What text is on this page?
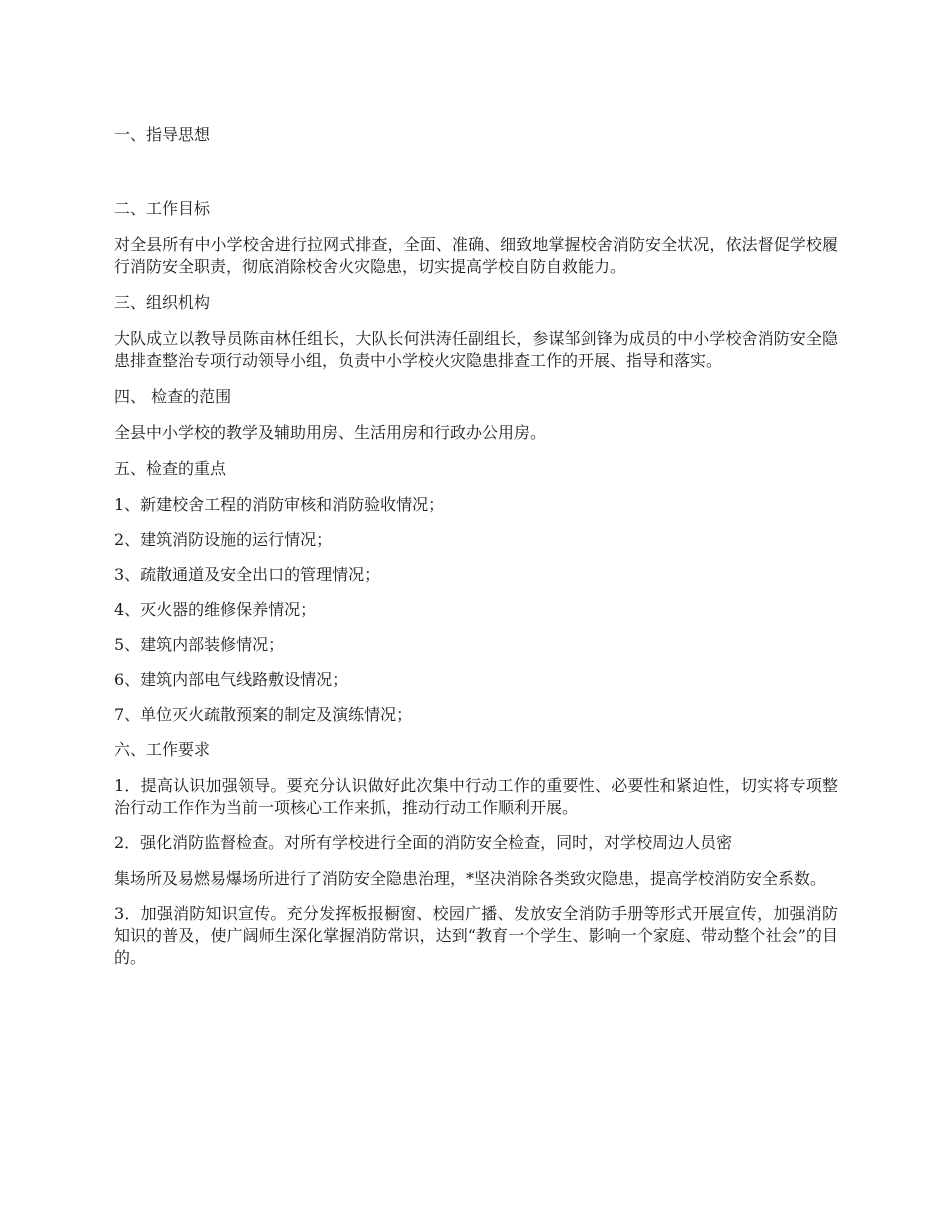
一、指导思想

二、工作目标

对全县所有中小学校舍进行拉网式排查，全面、准确、细致地掌握校舍消防安全状况，依法督促学校履行消防安全职责，彻底消除校舍火灾隐患，切实提高学校自防自救能力。

三、组织机构

大队成立以教导员陈亩林任组长，大队长何洪涛任副组长，参谋邹剑锋为成员的中小学校舍消防安全隐患排查整治专项行动领导小组，负责中小学校火灾隐患排查工作的开展、指导和落实。

四、 检查的范围

全县中小学校的教学及辅助用房、生活用房和行政办公用房。

五、检查的重点

1、新建校舍工程的消防审核和消防验收情况；

2、建筑消防设施的运行情况；

3、疏散通道及安全出口的管理情况；

4、灭火器的维修保养情况；

5、建筑内部装修情况；

6、建筑内部电气线路敷设情况；

7、单位灭火疏散预案的制定及演练情况；

六、工作要求

1．提高认识加强领导。要充分认识做好此次集中行动工作的重要性、必要性和紧迫性，切实将专项整治行动工作作为当前一项核心工作来抓，推动行动工作顺利开展。

2．强化消防监督检查。对所有学校进行全面的消防安全检查，同时，对学校周边人员密

集场所及易燃易爆场所进行了消防安全隐患治理，*坚决消除各类致灾隐患，提高学校消防安全系数。

3．加强消防知识宣传。充分发挥板报橱窗、校园广播、发放安全消防手册等形式开展宣传，加强消防知识的普及，使广阔师生深化掌握消防常识，达到“教育一个学生、影响一个家庭、带动整个社会”的目的。
